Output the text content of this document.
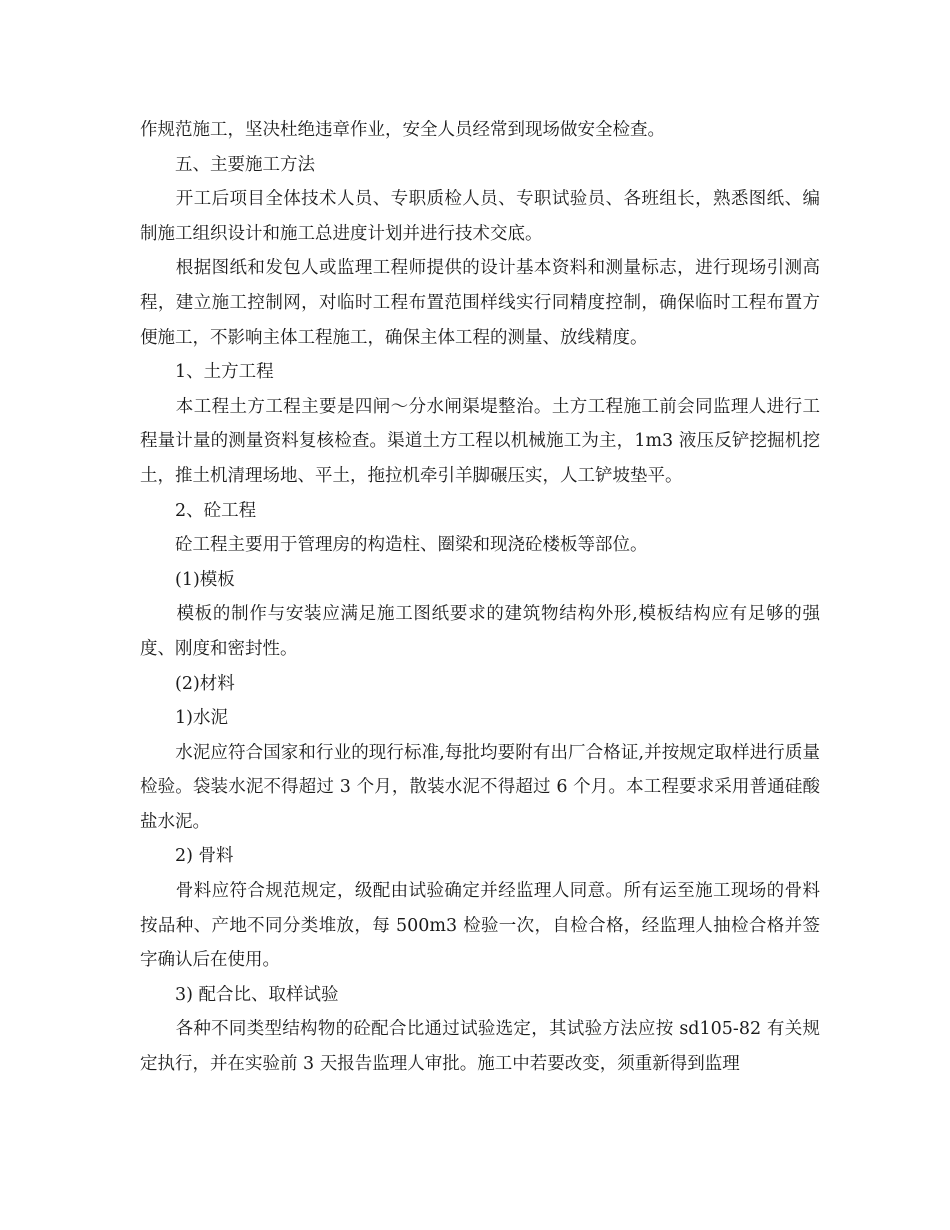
作规范施工，坚决杜绝违章作业，安全人员经常到现场做安全检查。

　　五、主要施工方法

　　开工后项目全体技术人员、专职质检人员、专职试验员、各班组长，熟悉图纸、编制施工组织设计和施工总进度计划并进行技术交底。

　　根据图纸和发包人或监理工程师提供的设计基本资料和测量标志，进行现场引测高程，建立施工控制网，对临时工程布置范围样线实行同精度控制，确保临时工程布置方便施工，不影响主体工程施工，确保主体工程的测量、放线精度。

　　1、土方工程

　　本工程土方工程主要是四闸～分水闸渠堤整治。土方工程施工前会同监理人进行工程量计量的测量资料复核检查。渠道土方工程以机械施工为主，1m3 液压反铲挖掘机挖土，推土机清理场地、平土，拖拉机牵引羊脚碾压实，人工铲坡垫平。

　　2、砼工程

　　砼工程主要用于管理房的构造柱、圈梁和现浇砼楼板等部位。

　　(1)模板

　　模板的制作与安装应满足施工图纸要求的建筑物结构外形,模板结构应有足够的强度、刚度和密封性。

　　(2)材料

　　1)水泥

　　水泥应符合国家和行业的现行标准,每批均要附有出厂合格证,并按规定取样进行质量检验。袋装水泥不得超过 3 个月，散装水泥不得超过 6 个月。本工程要求采用普通硅酸盐水泥。

　　2) 骨料

　　骨料应符合规范规定，级配由试验确定并经监理人同意。所有运至施工现场的骨料按品种、产地不同分类堆放，每 500m3 检验一次，自检合格，经监理人抽检合格并签字确认后在使用。

　　3) 配合比、取样试验

　　各种不同类型结构物的砼配合比通过试验选定，其试验方法应按 sd105-82 有关规定执行，并在实验前 3 天报告监理人审批。施工中若要改变，须重新得到监理
